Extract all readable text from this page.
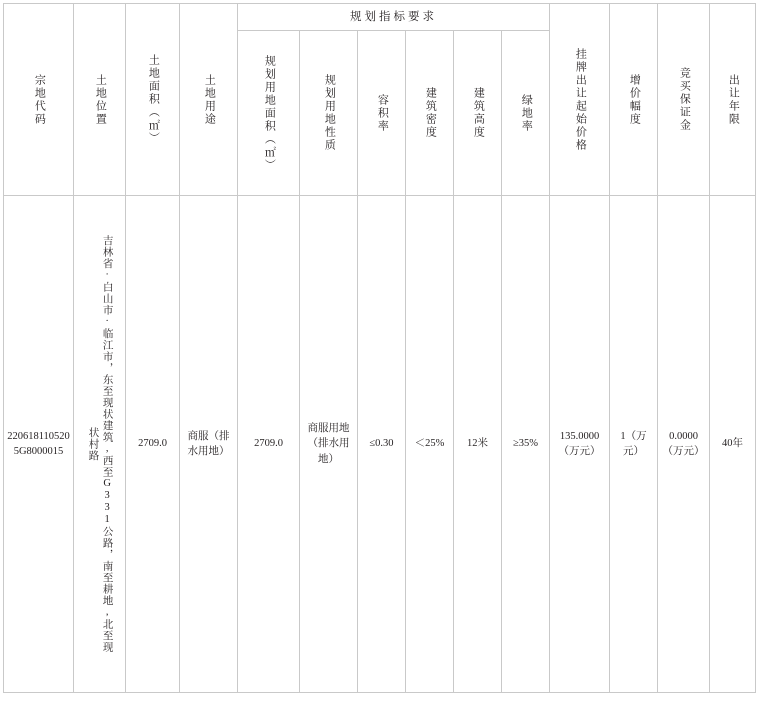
宗地代码	土地位置	土地面积（㎡）	土地用途	规划指标要求						挂牌出让起始价格	增价幅度	竞买保证金	出让年限

				规划用地面积（㎡）	规划用地性质	容积率	建筑密度	建筑高度	绿地率				

2206181105205G8000015	吉林省·白山市·临江市，东至现状建筑,西至G331公路，南至耕地,北至现状村路	2709.0	商服（排水用地）	2709.0	商服用地（排水用地）	≤0.30	＜25%	12米	≥35%	135.0000（万元）	1（万元）	0.0000（万元）	40年
